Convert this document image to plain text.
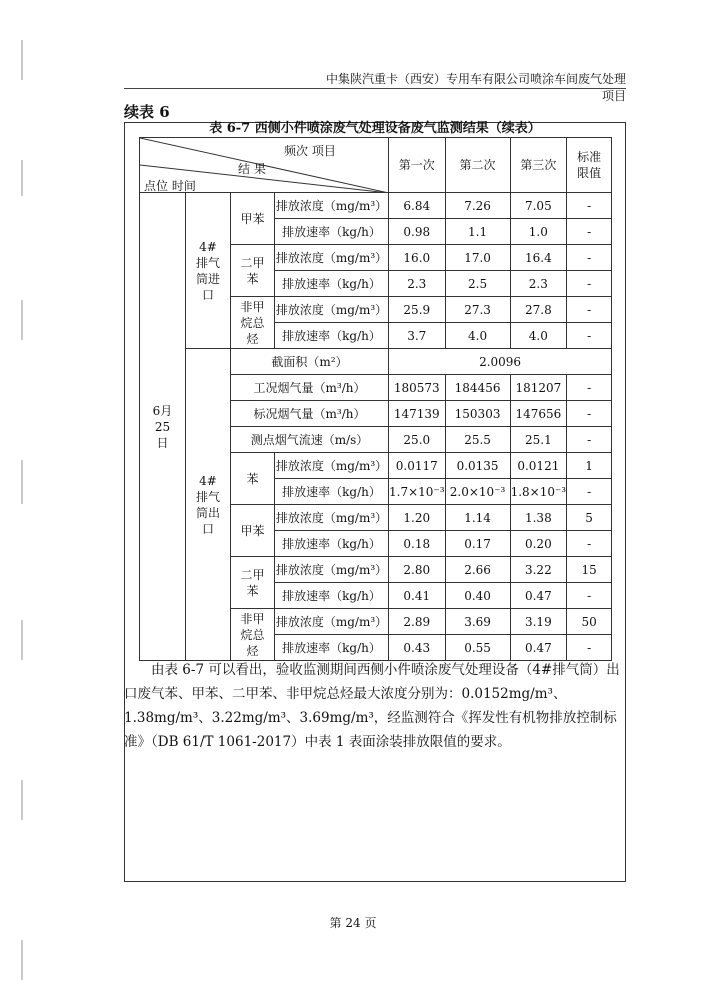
中集陕汽重卡（西安）专用车有限公司喷涂车间废气处理项目
续表 6
表 6-7 西侧小件喷涂废气处理设备废气监测结果（续表）
频次 项目
结 果
点位 时间				第一次	第二次	第三次	标准限值
6月25日	4#排气筒进口	甲苯	排放浓度（mg/m³）	6.84	7.26	7.05	-
			排放速率（kg/h）	0.98	1.1	1.0	-
		二甲苯	排放浓度（mg/m³）	16.0	17.0	16.4	-
			排放速率（kg/h）	2.3	2.5	2.3	-
		非甲烷总烃	排放浓度（mg/m³）	25.9	27.3	27.8	-
			排放速率（kg/h）	3.7	4.0	4.0	-
	4#排气筒出口	截面积（m²）		2.0096			
		工况烟气量（m³/h）		180573	184456	181207	-
		标况烟气量（m³/h）		147139	150303	147656	-
		测点烟气流速（m/s）		25.0	25.5	25.1	-
		苯	排放浓度（mg/m³）	0.0117	0.0135	0.0121	1
			排放速率（kg/h）	1.7×10⁻³	2.0×10⁻³	1.8×10⁻³	-
		甲苯	排放浓度（mg/m³）	1.20	1.14	1.38	5
			排放速率（kg/h）	0.18	0.17	0.20	-
		二甲苯	排放浓度（mg/m³）	2.80	2.66	3.22	15
			排放速率（kg/h）	0.41	0.40	0.47	-
		非甲烷总烃	排放浓度（mg/m³）	2.89	3.69	3.19	50
			排放速率（kg/h）	0.43	0.55	0.47	-

由表 6-7 可以看出，验收监测期间西侧小件喷涂废气处理设备（4#排气筒）出口废气苯、甲苯、二甲苯、非甲烷总烃最大浓度分别为：0.0152mg/m³、1.38mg/m³、3.22mg/m³、3.69mg/m³，经监测符合《挥发性有机物排放控制标准》（DB 61/T 1061-2017）中表 1 表面涂装排放限值的要求。

第 24 页
